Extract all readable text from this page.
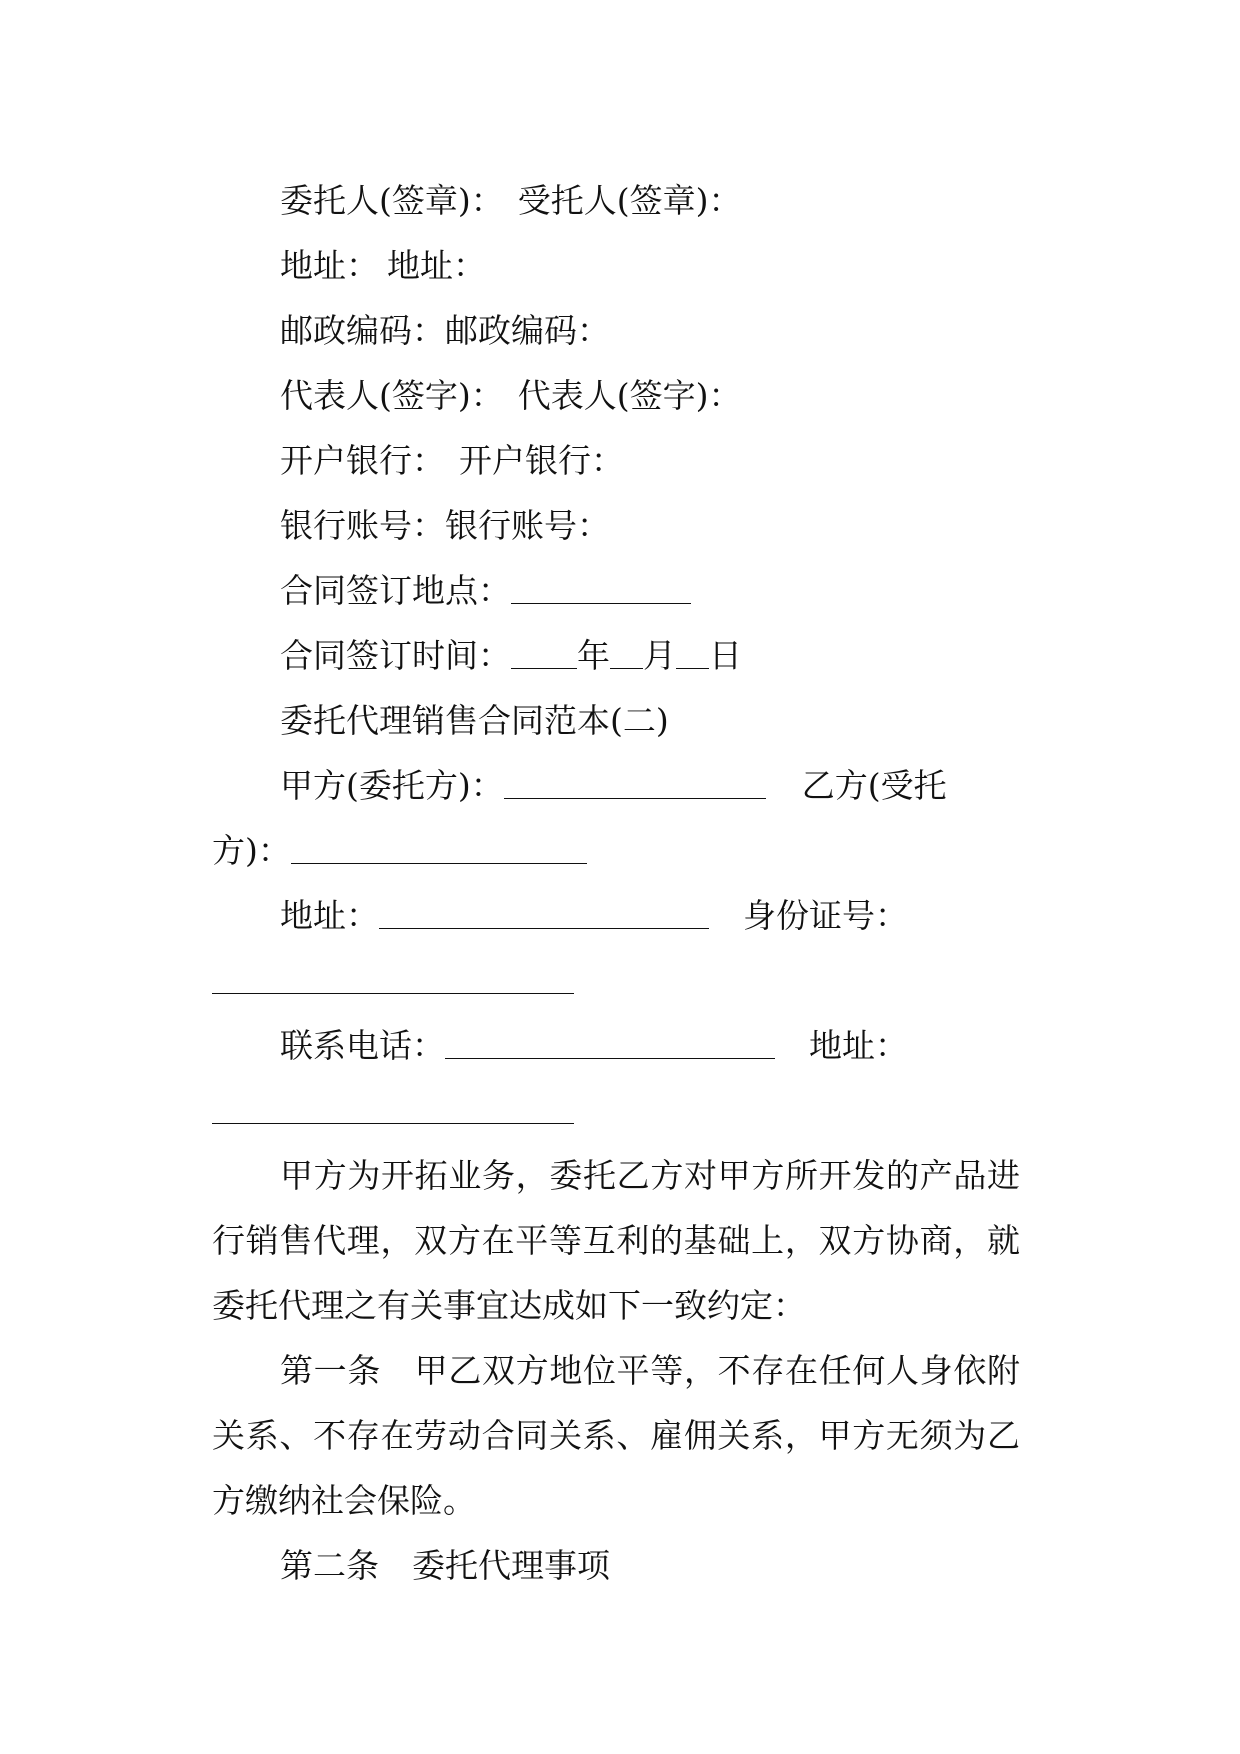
委托人(签章)： 受托人(签章)：
地址： 地址：
邮政编码：邮政编码：
代表人(签字)： 代表人(签字)：
开户银行： 开户银行：
银行账号：银行账号：
合同签订地点：
合同签订时间： 年 月 日
委托代理销售合同范本(二)
甲方(委托方)：	乙方(受托
方)：
地址：	身份证号：
联系电话：	地址：
甲方为开拓业务，委托乙方对甲方所开发的产品进行销售代理，双方在平等互利的基础上，双方协商，就委托代理之有关事宜达成如下一致约定：
第一条　甲乙双方地位平等，不存在任何人身依附关系、不存在劳动合同关系、雇佣关系，甲方无须为乙方缴纳社会保险。
第二条　委托代理事项
